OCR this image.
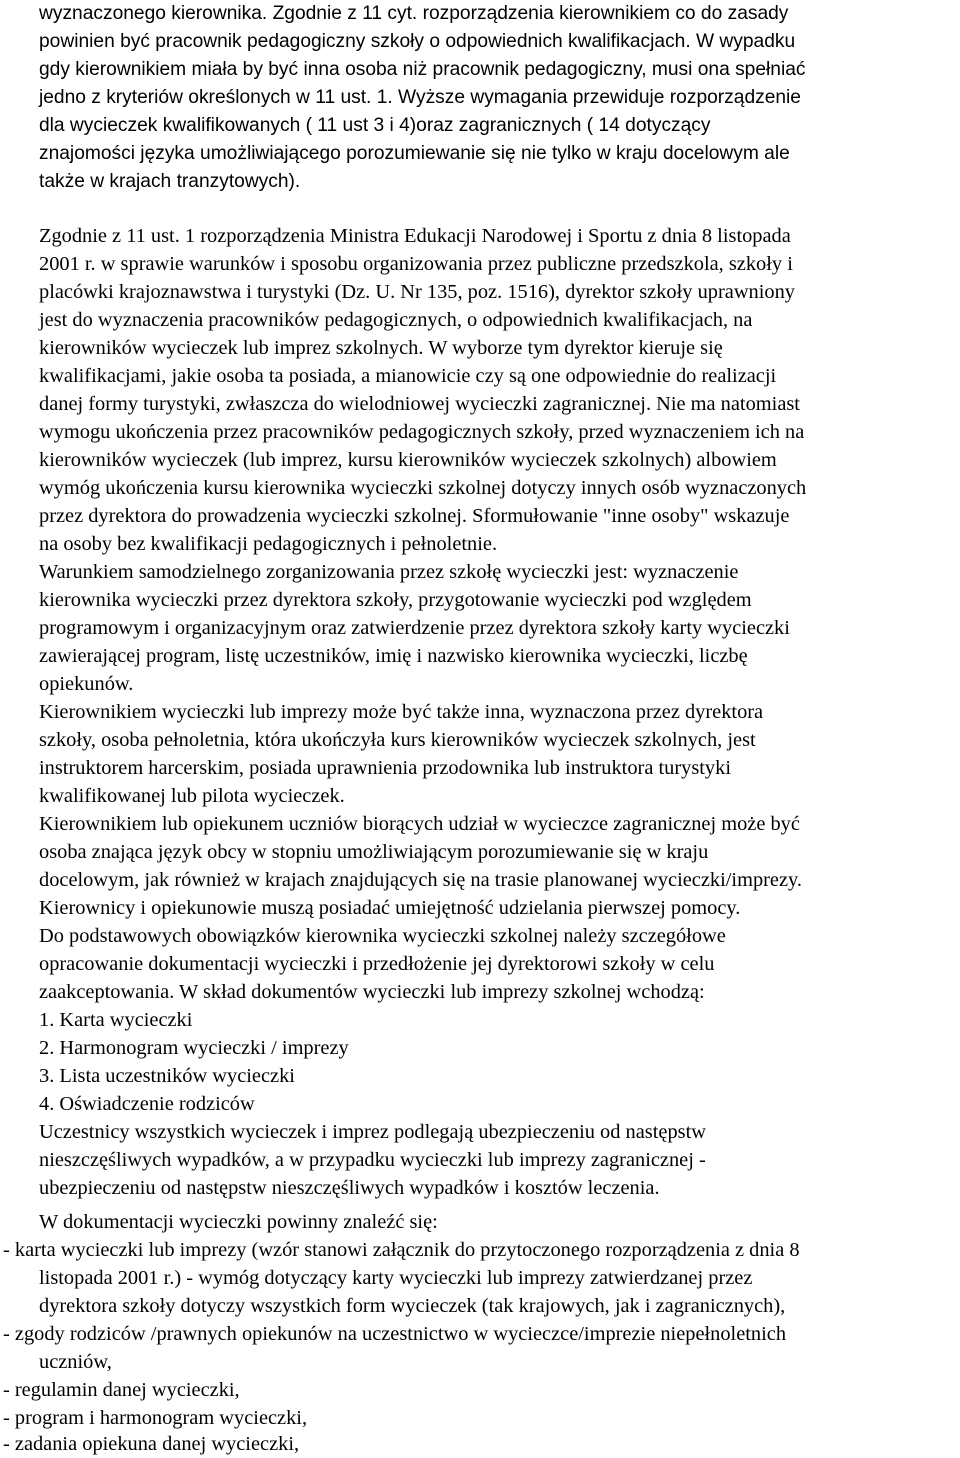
wyznaczonego kierownika. Zgodnie z 11 cyt. rozporządzenia kierownikiem co do zasady
powinien być pracownik pedagogiczny szkoły o odpowiednich kwalifikacjach. W wypadku
gdy kierownikiem miała by być inna osoba niż pracownik pedagogiczny, musi ona spełniać
jedno z kryteriów określonych w 11 ust. 1. Wyższe wymagania przewiduje rozporządzenie
dla wycieczek kwalifikowanych ( 11 ust 3 i 4)oraz zagranicznych ( 14 dotyczący
znajomości języka umożliwiającego porozumiewanie się nie tylko w kraju docelowym ale
także w krajach tranzytowych).
Zgodnie z 11 ust. 1 rozporządzenia Ministra Edukacji Narodowej i Sportu z dnia 8 listopada
2001 r. w sprawie warunków i sposobu organizowania przez publiczne przedszkola, szkoły i
placówki krajoznawstwa i turystyki (Dz. U. Nr 135, poz. 1516), dyrektor szkoły uprawniony
jest do wyznaczenia pracowników pedagogicznych, o odpowiednich kwalifikacjach, na
kierowników wycieczek lub imprez szkolnych. W wyborze tym dyrektor kieruje się
kwalifikacjami, jakie osoba ta posiada, a mianowicie czy są one odpowiednie do realizacji
danej formy turystyki, zwłaszcza do wielodniowej wycieczki zagranicznej. Nie ma natomiast
wymogu ukończenia przez pracowników pedagogicznych szkoły, przed wyznaczeniem ich na
kierowników wycieczek (lub imprez, kursu kierowników wycieczek szkolnych) albowiem
wymóg ukończenia kursu kierownika wycieczki szkolnej dotyczy innych osób wyznaczonych
przez dyrektora do prowadzenia wycieczki szkolnej. Sformułowanie "inne osoby" wskazuje
na osoby bez kwalifikacji pedagogicznych i pełnoletnie.
Warunkiem samodzielnego zorganizowania przez szkołę wycieczki jest: wyznaczenie
kierownika wycieczki przez dyrektora szkoły, przygotowanie wycieczki pod względem
programowym i organizacyjnym oraz zatwierdzenie przez dyrektora szkoły karty wycieczki
zawierającej program, listę uczestników, imię i nazwisko kierownika wycieczki, liczbę
opiekunów.
Kierownikiem wycieczki lub imprezy może być także inna, wyznaczona przez dyrektora
szkoły, osoba pełnoletnia, która ukończyła kurs kierowników wycieczek szkolnych, jest
instruktorem harcerskim, posiada uprawnienia przodownika lub instruktora turystyki
kwalifikowanej lub pilota wycieczek.
Kierownikiem lub opiekunem uczniów biorących udział w wycieczce zagranicznej może być
osoba znająca język obcy w stopniu umożliwiającym porozumiewanie się w kraju
docelowym, jak również w krajach znajdujących się na trasie planowanej wycieczki/imprezy.
Kierownicy i opiekunowie muszą posiadać umiejętność udzielania pierwszej pomocy.
Do podstawowych obowiązków kierownika wycieczki szkolnej należy szczegółowe
opracowanie dokumentacji wycieczki i przedłożenie jej dyrektorowi szkoły w celu
zaakceptowania. W skład dokumentów wycieczki lub imprezy szkolnej wchodzą:
1. Karta wycieczki
2. Harmonogram wycieczki / imprezy
3. Lista uczestników wycieczki
4. Oświadczenie rodziców
Uczestnicy wszystkich wycieczek i imprez podlegają ubezpieczeniu od następstw
nieszczęśliwych wypadków, a w przypadku wycieczki lub imprezy zagranicznej -
ubezpieczeniu od następstw nieszczęśliwych wypadków i kosztów leczenia.
W dokumentacji wycieczki powinny znaleźć się:
- karta wycieczki lub imprezy (wzór stanowi załącznik do przytoczonego rozporządzenia z dnia 8
listopada 2001 r.) - wymóg dotyczący karty wycieczki lub imprezy zatwierdzanej przez
dyrektora szkoły dotyczy wszystkich form wycieczek (tak krajowych, jak i zagranicznych),
- zgody rodziców /prawnych opiekunów na uczestnictwo w wycieczce/imprezie niepełnoletnich
uczniów,
- regulamin danej wycieczki,
- program i harmonogram wycieczki,
- zadania opiekuna danej wycieczki,
